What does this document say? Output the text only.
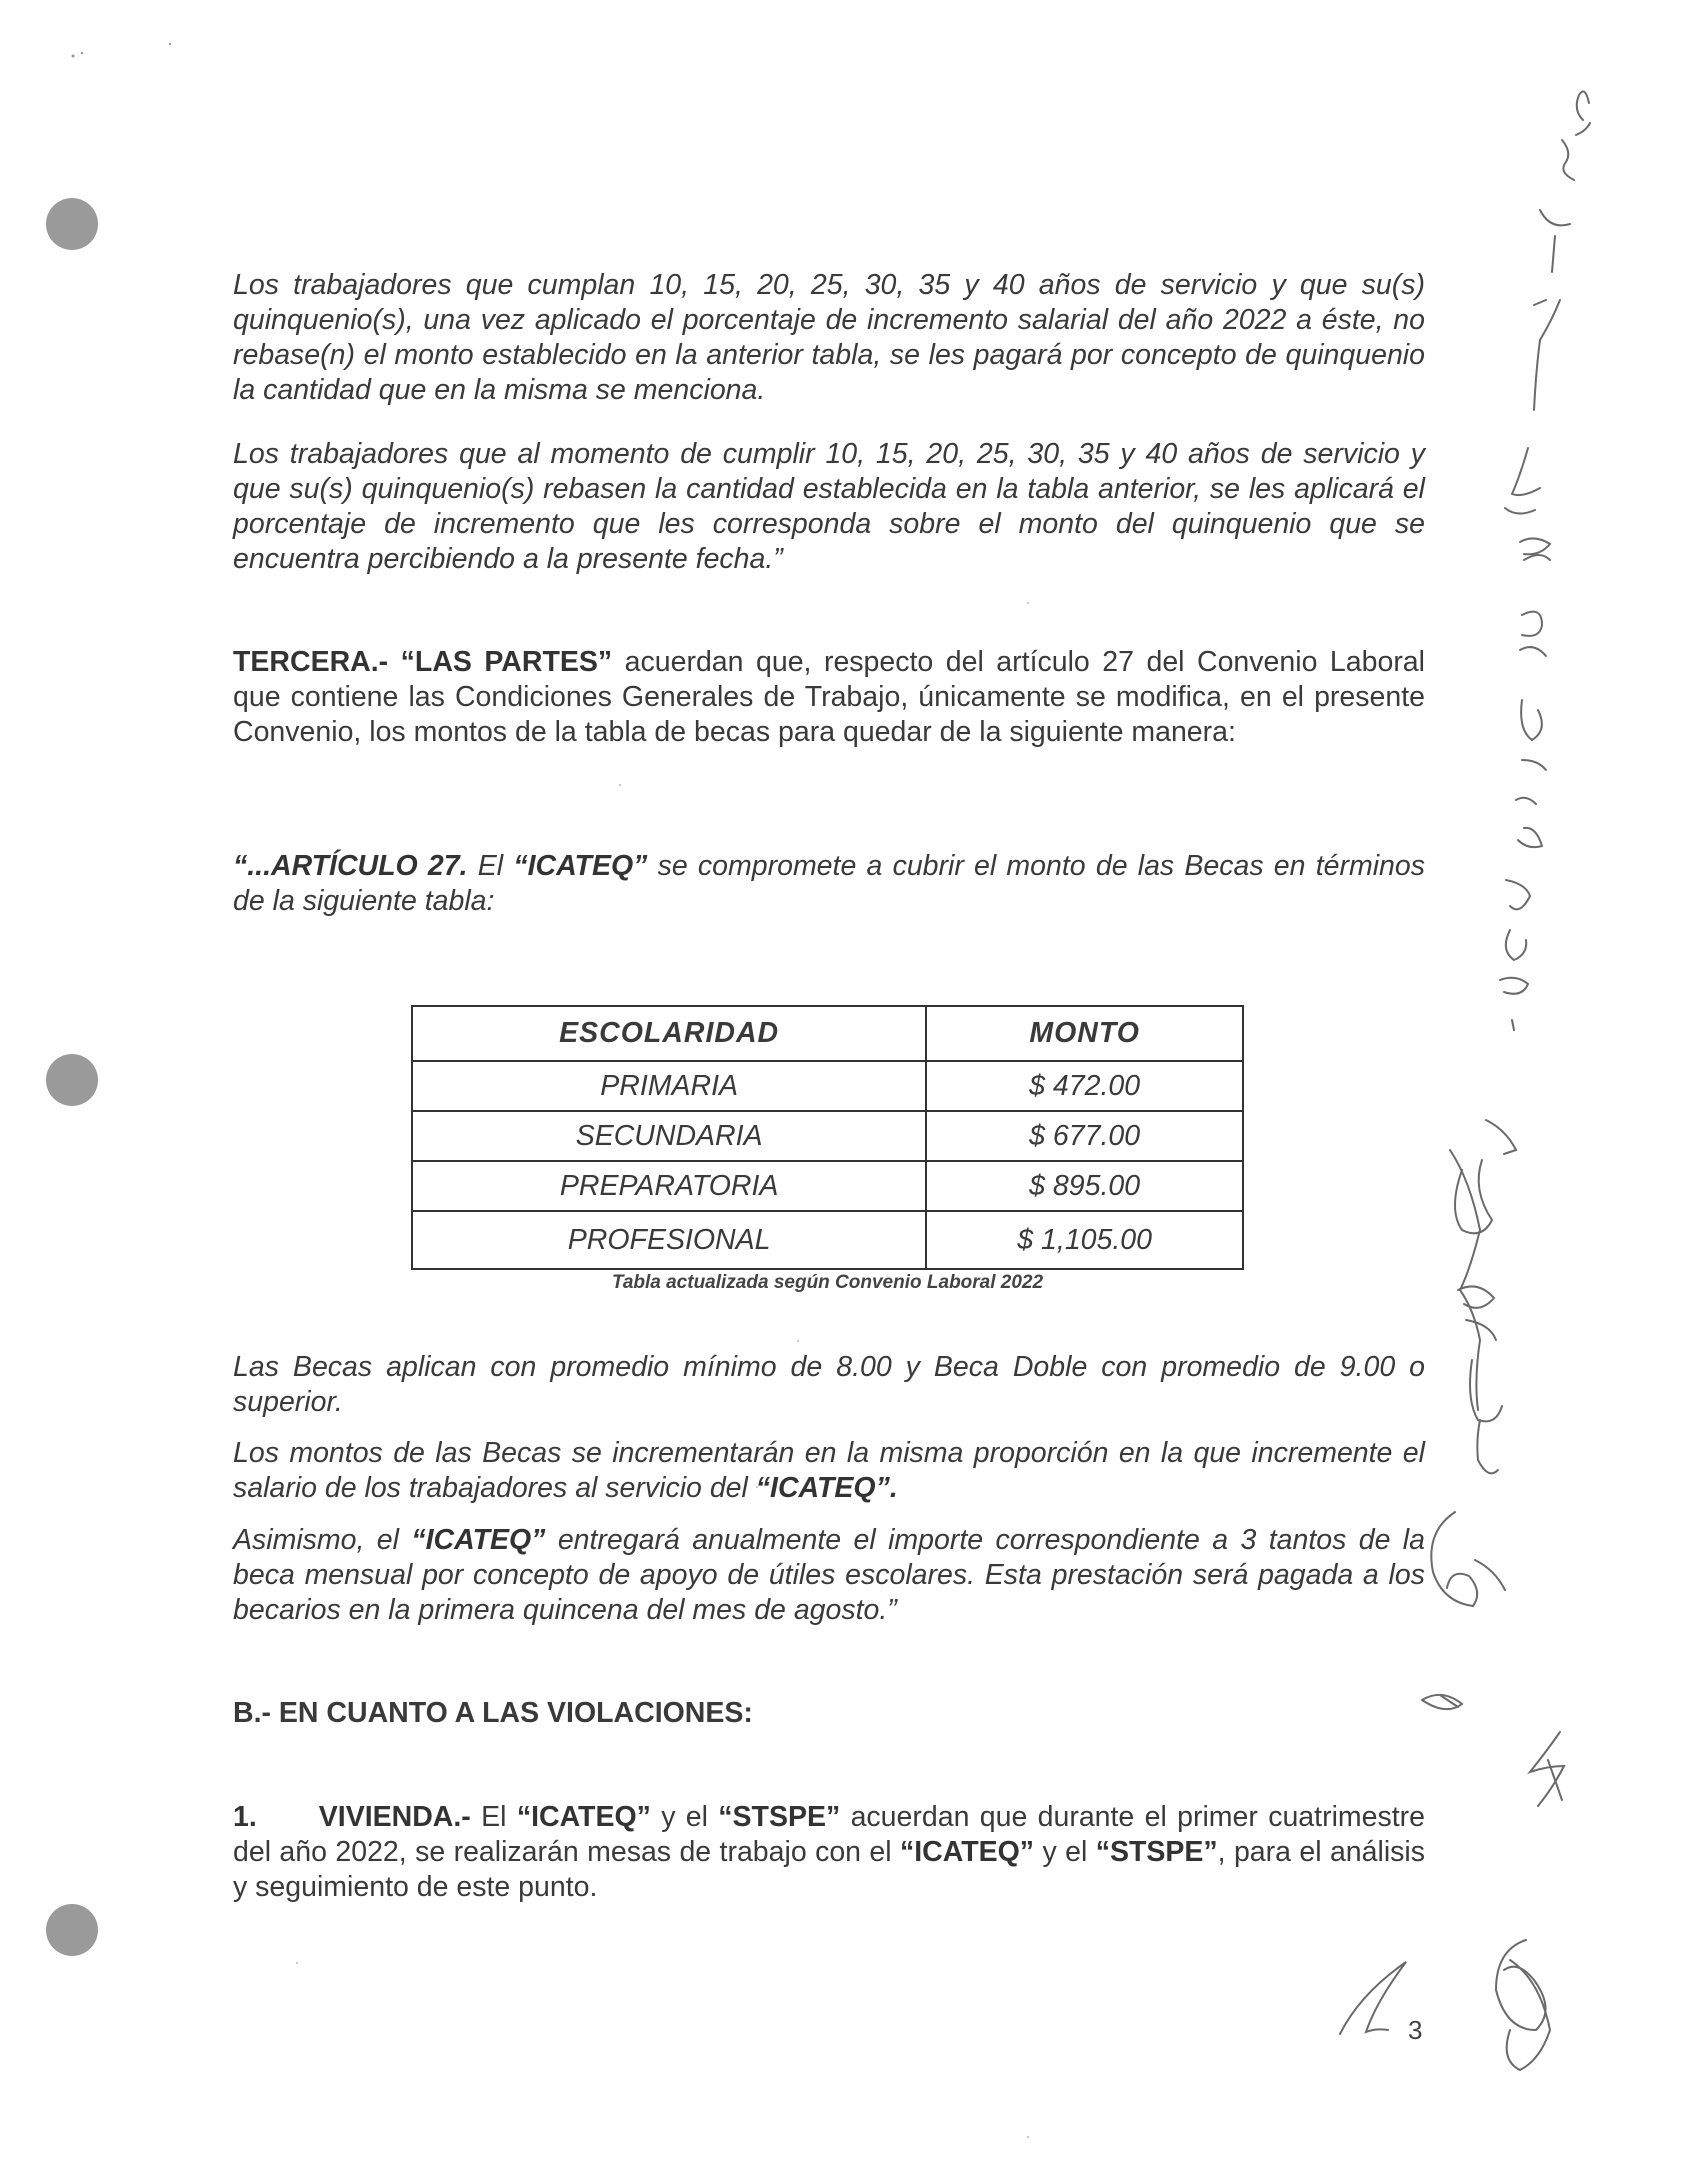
Los trabajadores que cumplan 10, 15, 20, 25, 30, 35 y 40 años de servicio y que su(s) quinquenio(s), una vez aplicado el porcentaje de incremento salarial del año 2022 a éste, no rebase(n) el monto establecido en la anterior tabla, se les pagará por concepto de quinquenio la cantidad que en la misma se menciona.

Los trabajadores que al momento de cumplir 10, 15, 20, 25, 30, 35 y 40 años de servicio y que su(s) quinquenio(s) rebasen la cantidad establecida en la tabla anterior, se les aplicará el porcentaje de incremento que les corresponda sobre el monto del quinquenio que se encuentra percibiendo a la presente fecha.”

TERCERA.- “LAS PARTES” acuerdan que, respecto del artículo 27 del Convenio Laboral que contiene las Condiciones Generales de Trabajo, únicamente se modifica, en el presente Convenio, los montos de la tabla de becas para quedar de la siguiente manera:

“...ARTÍCULO 27. El “ICATEQ” se compromete a cubrir el monto de las Becas en términos de la siguiente tabla:

ESCOLARIDAD	MONTO
PRIMARIA	$ 472.00
SECUNDARIA	$ 677.00
PREPARATORIA	$ 895.00
PROFESIONAL	$ 1,105.00
Tabla actualizada según Convenio Laboral 2022

Las Becas aplican con promedio mínimo de 8.00 y Beca Doble con promedio de 9.00 o superior.

Los montos de las Becas se incrementarán en la misma proporción en la que incremente el salario de los trabajadores al servicio del “ICATEQ”.

Asimismo, el “ICATEQ” entregará anualmente el importe correspondiente a 3 tantos de la beca mensual por concepto de apoyo de útiles escolares. Esta prestación será pagada a los becarios en la primera quincena del mes de agosto.”

B.- EN CUANTO A LAS VIOLACIONES:

1. VIVIENDA.- El “ICATEQ” y el “STSPE” acuerdan que durante el primer cuatrimestre del año 2022, se realizarán mesas de trabajo con el “ICATEQ” y el “STSPE”, para el análisis y seguimiento de este punto.

3
